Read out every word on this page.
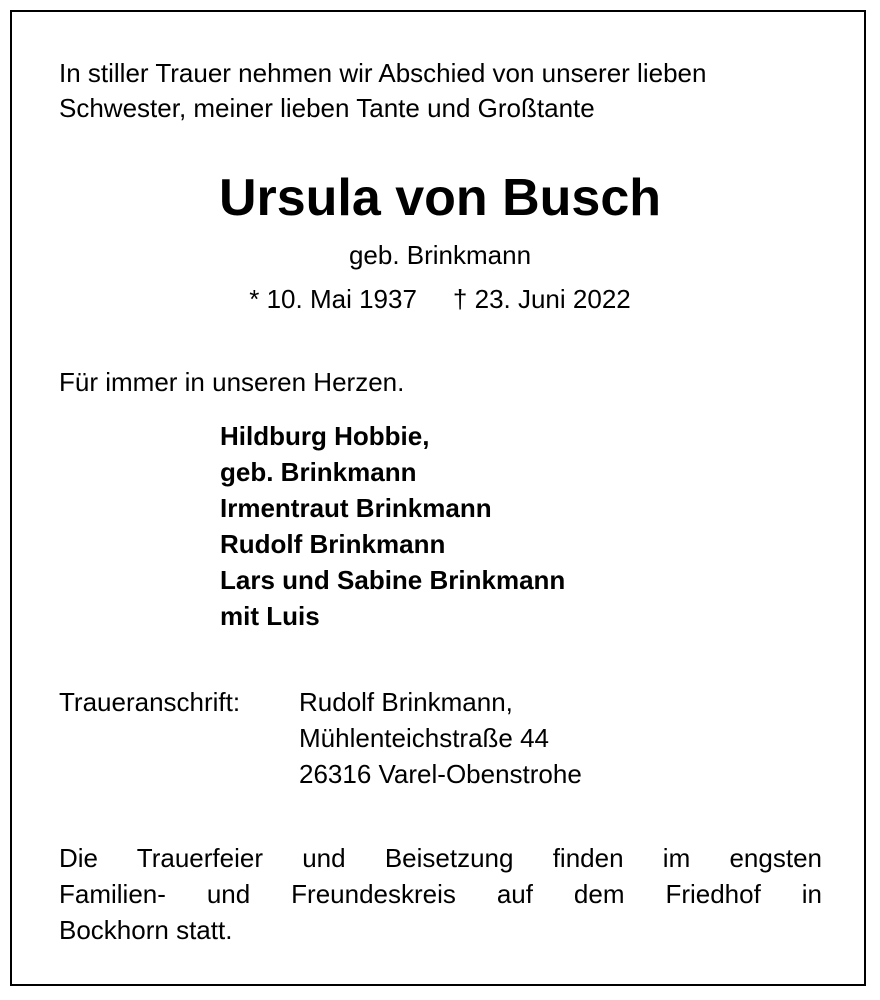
In stiller Trauer nehmen wir Abschied von unserer lieben
Schwester, meiner lieben Tante und Großtante

Ursula von Busch
geb. Brinkmann
* 10. Mai 1937 † 23. Juni 2022
Für immer in unseren Herzen.
Hildburg Hobbie,
geb. Brinkmann
Irmentraut Brinkmann
Rudolf Brinkmann
Lars und Sabine Brinkmann
mit Luis
Traueranschrift: Rudolf Brinkmann,
Mühlenteichstraße 44
26316 Varel-Obenstrohe

Die Trauerfeier und Beisetzung finden im engsten
Familien- und Freundeskreis auf dem Friedhof in
Bockhorn statt.
